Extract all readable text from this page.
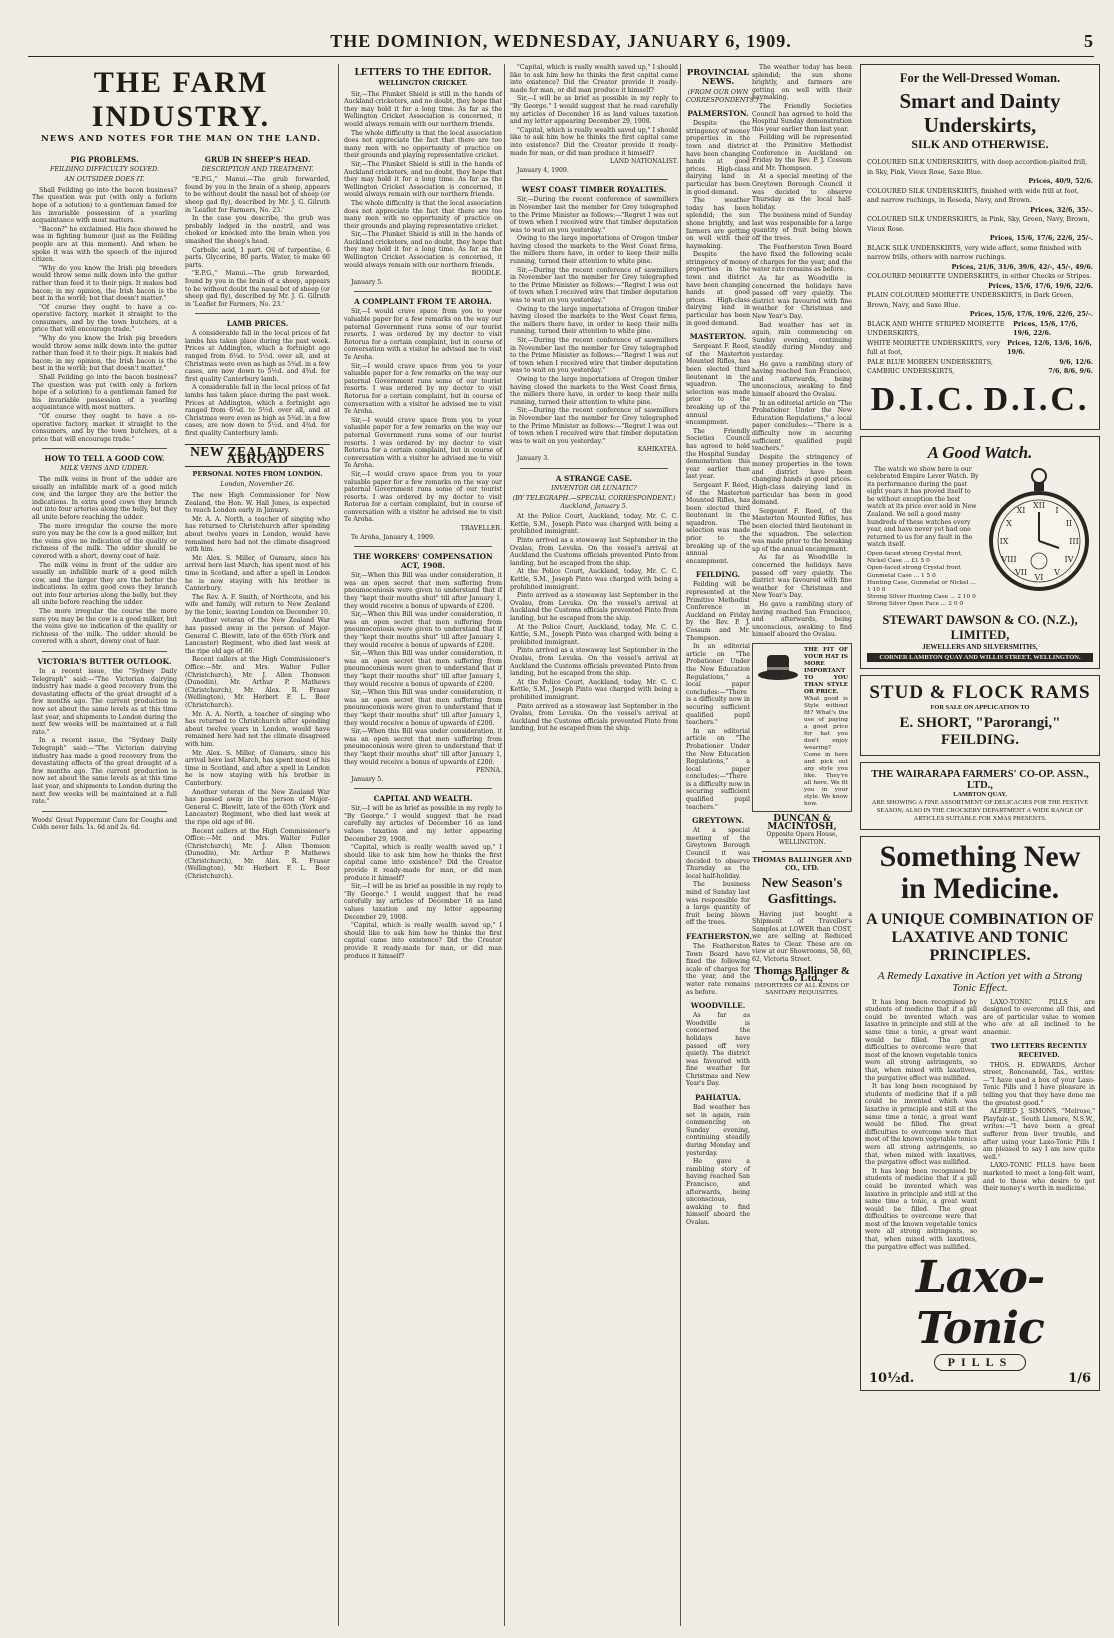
THE DOMINION, WEDNESDAY, JANUARY 6, 1909.	5
THE FARM INDUSTRY.
NEWS AND NOTES FOR THE MAN ON THE LAND.
PIG PROBLEMS.
FEILDING DIFFICULTY SOLVED.
AN OUTSIDER DOES IT.

Shall Feilding go into the bacon business? The question was put (with only a forlorn hope of a solution) to a gentleman famed for his invariable possession of a yearling acquaintance with most matters.

"Bacon?" he exclaimed. His face showed he was in fighting humour (just as the Feilding people are at this moment). And when he spoke it was with the speech of the injured citizen.

"Why do you know the Irish pig breeders would throw some milk down into the gutter rather than feed it to their pigs. It makes bad bacon; in my opinion, the Irish bacon is the best in the world; but that doesn't matter."

"Of course they ought to have a co-operative factory, market it straight to the consumers, and by the town butchers, at a price that will encourage trade."

"Why do you know the Irish pig breeders would throw some milk down into the gutter rather than feed it to their pigs. It makes bad bacon; in my opinion, the Irish bacon is the best in the world; but that doesn't matter."

Shall Feilding go into the bacon business? The question was put (with only a forlorn hope of a solution) to a gentleman famed for his invariable possession of a yearling acquaintance with most matters.

"Of course they ought to have a co-operative factory, market it straight to the consumers, and by the town butchers, at a price that will encourage trade."

HOW TO TELL A GOOD COW.
MILK VEINS AND UDDER.

The milk veins in front of the udder are usually an infallible mark of a good milch cow, and the larger they are the better the indications. In extra good cows they branch out into four arteries along the belly, but they all unite before reaching the udder.

The more irregular the course the more sure you may be the cow is a good milker, but the veins give no indication of the quality or richness of the milk. The udder should be covered with a short, downy coat of hair.

The milk veins in front of the udder are usually an infallible mark of a good milch cow, and the larger they are the better the indications. In extra good cows they branch out into four arteries along the belly, but they all unite before reaching the udder.

The more irregular the course the more sure you may be the cow is a good milker, but the veins give no indication of the quality or richness of the milk. The udder should be covered with a short, downy coat of hair.

VICTORIA'S BUTTER OUTLOOK.

In a recent issue, the "Sydney Daily Telegraph" said:—"The Victorian dairying industry has made a good recovery from the devastating effects of the great drought of a few months ago. The current production is now set about the same levels as at this time last year, and shipments to London during the next few weeks will be maintained at a full rate."

In a recent issue, the "Sydney Daily Telegraph" said:—"The Victorian dairying industry has made a good recovery from the devastating effects of the great drought of a few months ago. The current production is now set about the same levels as at this time last year, and shipments to London during the next few weeks will be maintained at a full rate."

Woods' Great Peppermint Cure for Coughs and Colds never fails. 1s. 6d and 2s. 6d.

GRUB IN SHEEP'S HEAD.
DESCRIPTION AND TREATMENT.

"E.P.G.," Manui.—The grub forwarded, found by you in the brain of a sheep, appears to be without doubt the nasal bot of sheep (or sheep gad fly), described by Mr. J. G. Gilruth in 'Leaflet for Farmers, No. 23.'

In the case you describe, the grub was probably lodged in the nostril, and was choked or knocked into the brain when you smashed the sheep's head.

Carbolic acid, 1 part. Oil of turpentine, 6 parts. Glycerine, 80 parts. Water, to make 60 parts.

"E.P.G.," Manui.—The grub forwarded, found by you in the brain of a sheep, appears to be without doubt the nasal bot of sheep (or sheep gad fly), described by Mr. J. G. Gilruth in 'Leaflet for Farmers, No. 23.'

LAMB PRICES.

A considerable fall in the local prices of fat lambs has taken place during the past week. Prices at Addington, which a fortnight ago ranged from 6¼d. to 5½d. over all, and at Christmas were even as high as 5¾d. in a few cases, are now down to 5½d. and 4¾d. for first quality Canterbury lamb.

A considerable fall in the local prices of fat lambs has taken place during the past week. Prices at Addington, which a fortnight ago ranged from 6¼d. to 5½d. over all, and at Christmas were even as high as 5¾d. in a few cases, are now down to 5½d. and 4¾d. for first quality Canterbury lamb.

NEW ZEALANDERS ABROAD
PERSONAL NOTES FROM LONDON.
London, November 26.

The new High Commissioner for New Zealand, the Hon. W. Hall Jones, is expected to reach London early in January.

Mr. A. A. North, a teacher of singing who has returned to Christchurch after spending about twelve years in London, would have remained here had not the climate disagreed with him.

Mr. Alex. S. Miller, of Oamaru, since his arrival here last March, has spent most of his time in Scotland, and after a spell in London he is now staying with his brother in Canterbury.

The Rev. A. F. Smith, of Northcote, and his wife and family, will return to New Zealand by the Ionic, leaving London on December 10.

Another veteran of the New Zealand War has passed away in the person of Major-General C. Blewitt, late of the 65th (York and Lancaster) Regiment, who died last week at the ripe old age of 86.

Recent callers at the High Commissioner's Office:—Mr. and Mrs. Walter Fuller (Christchurch), Mr. J. Allen Thomson (Dunedin), Mr. Arthur P. Mathews (Christchurch), Mr. Alex. R. Fraser (Wellington), Mr. Herbert F. L. Beer (Christchurch).

Mr. A. A. North, a teacher of singing who has returned to Christchurch after spending about twelve years in London, would have remained here had not the climate disagreed with him.

Mr. Alex. S. Miller, of Oamaru, since his arrival here last March, has spent most of his time in Scotland, and after a spell in London he is now staying with his brother in Canterbury.

Another veteran of the New Zealand War has passed away in the person of Major-General C. Blewitt, late of the 65th (York and Lancaster) Regiment, who died last week at the ripe old age of 86.

Recent callers at the High Commissioner's Office:—Mr. and Mrs. Walter Fuller (Christchurch), Mr. J. Allen Thomson (Dunedin), Mr. Arthur P. Mathews (Christchurch), Mr. Alex. R. Fraser (Wellington), Mr. Herbert F. L. Beer (Christchurch).

LETTERS TO THE EDITOR.
WELLINGTON CRICKET.

Sir,—The Plunket Shield is still in the hands of Auckland cricketers, and no doubt, they hope that they may hold it for a long time. As far as the Wellington Cricket Association is concerned, it would always remain with our northern friends.

The whole difficulty is that the local association does not appreciate the fact that there are too many men with no opportunity of practice on their grounds and playing representative cricket.

Sir,—The Plunket Shield is still in the hands of Auckland cricketers, and no doubt, they hope that they may hold it for a long time. As far as the Wellington Cricket Association is concerned, it would always remain with our northern friends.

The whole difficulty is that the local association does not appreciate the fact that there are too many men with no opportunity of practice on their grounds and playing representative cricket.

Sir,—The Plunket Shield is still in the hands of Auckland cricketers, and no doubt, they hope that they may hold it for a long time. As far as the Wellington Cricket Association is concerned, it would always remain with our northern friends.

BOODLE.

January 5.

A COMPLAINT FROM TE AROHA.

Sir,—I would crave space from you to your valuable paper for a few remarks on the way our paternal Government runs some of our tourist resorts. I was ordered by my doctor to visit Rotorua for a certain complaint, but in course of conversation with a visitor he advised me to visit Te Aroha.

Sir,—I would crave space from you to your valuable paper for a few remarks on the way our paternal Government runs some of our tourist resorts. I was ordered by my doctor to visit Rotorua for a certain complaint, but in course of conversation with a visitor he advised me to visit Te Aroha.

Sir,—I would crave space from you to your valuable paper for a few remarks on the way our paternal Government runs some of our tourist resorts. I was ordered by my doctor to visit Rotorua for a certain complaint, but in course of conversation with a visitor he advised me to visit Te Aroha.

Sir,—I would crave space from you to your valuable paper for a few remarks on the way our paternal Government runs some of our tourist resorts. I was ordered by my doctor to visit Rotorua for a certain complaint, but in course of conversation with a visitor he advised me to visit Te Aroha.

TRAVELLER.

Te Aroha, January 4, 1909.

THE WORKERS' COMPENSATION ACT, 1908.

Sir,—When this Bill was under consideration, it was an open secret that men suffering from pneumoconiosis were given to understand that if they "kept their mouths shut" till after January 1, they would receive a bonus of upwards of £200.

Sir,—When this Bill was under consideration, it was an open secret that men suffering from pneumoconiosis were given to understand that if they "kept their mouths shut" till after January 1, they would receive a bonus of upwards of £200.

Sir,—When this Bill was under consideration, it was an open secret that men suffering from pneumoconiosis were given to understand that if they "kept their mouths shut" till after January 1, they would receive a bonus of upwards of £200.

Sir,—When this Bill was under consideration, it was an open secret that men suffering from pneumoconiosis were given to understand that if they "kept their mouths shut" till after January 1, they would receive a bonus of upwards of £200.

Sir,—When this Bill was under consideration, it was an open secret that men suffering from pneumoconiosis were given to understand that if they "kept their mouths shut" till after January 1, they would receive a bonus of upwards of £200.

PENNA.

January 5.

CAPITAL AND WEALTH.

Sir,—I will be as brief as possible in my reply to "By George." I would suggest that he read carefully my articles of December 16 as land values taxation and my letter appearing December 29, 1908.

"Capital, which is really wealth saved up," I should like to ask him how he thinks the first capital came into existence? Did the Creator provide it ready-made for man, or did man produce it himself?

Sir,—I will be as brief as possible in my reply to "By George." I would suggest that he read carefully my articles of December 16 as land values taxation and my letter appearing December 29, 1908.

"Capital, which is really wealth saved up," I should like to ask him how he thinks the first capital came into existence? Did the Creator provide it ready-made for man, or did man produce it himself?

"Capital, which is really wealth saved up," I should like to ask him how he thinks the first capital came into existence? Did the Creator provide it ready-made for man, or did man produce it himself?

Sir,—I will be as brief as possible in my reply to "By George." I would suggest that he read carefully my articles of December 16 as land values taxation and my letter appearing December 29, 1908.

"Capital, which is really wealth saved up," I should like to ask him how he thinks the first capital came into existence? Did the Creator provide it ready-made for man, or did man produce it himself?

LAND NATIONALIST.

January 4, 1909.

WEST COAST TIMBER ROYALTIES.

Sir,—During the recent conference of sawmillers in November last the member for Grey telegraphed to the Prime Minister as follows:—"Regret I was out of town when I received wire that timber deputation was to wait on you yesterday."

Owing to the large importations of Oregon timber having closed the markets to the West Coast firms, the millers there have, in order to keep their mills running, turned their attention to white pine.

Sir,—During the recent conference of sawmillers in November last the member for Grey telegraphed to the Prime Minister as follows:—"Regret I was out of town when I received wire that timber deputation was to wait on you yesterday."

Owing to the large importations of Oregon timber having closed the markets to the West Coast firms, the millers there have, in order to keep their mills running, turned their attention to white pine.

Sir,—During the recent conference of sawmillers in November last the member for Grey telegraphed to the Prime Minister as follows:—"Regret I was out of town when I received wire that timber deputation was to wait on you yesterday."

Owing to the large importations of Oregon timber having closed the markets to the West Coast firms, the millers there have, in order to keep their mills running, turned their attention to white pine.

Sir,—During the recent conference of sawmillers in November last the member for Grey telegraphed to the Prime Minister as follows:—"Regret I was out of town when I received wire that timber deputation was to wait on you yesterday."

KAHIKATEA.

January 3.

A STRANGE CASE.
INVENTOR OR LUNATIC?
(BY TELEGRAPH.—SPECIAL CORRESPONDENT.) Auckland, January 5.

At the Police Court, Auckland, today, Mr. C. C. Kettle, S.M., Joseph Pinto was charged with being a prohibited immigrant.

Pinto arrived as a stowaway last September in the Ovalau, from Levuka. On the vessel's arrival at Auckland the Customs officials prevented Pinto from landing, but he escaped from the ship.

At the Police Court, Auckland, today, Mr. C. C. Kettle, S.M., Joseph Pinto was charged with being a prohibited immigrant.

Pinto arrived as a stowaway last September in the Ovalau, from Levuka. On the vessel's arrival at Auckland the Customs officials prevented Pinto from landing, but he escaped from the ship.

At the Police Court, Auckland, today, Mr. C. C. Kettle, S.M., Joseph Pinto was charged with being a prohibited immigrant.

Pinto arrived as a stowaway last September in the Ovalau, from Levuka. On the vessel's arrival at Auckland the Customs officials prevented Pinto from landing, but he escaped from the ship.

At the Police Court, Auckland, today, Mr. C. C. Kettle, S.M., Joseph Pinto was charged with being a prohibited immigrant.

Pinto arrived as a stowaway last September in the Ovalau, from Levuka. On the vessel's arrival at Auckland the Customs officials prevented Pinto from landing, but he escaped from the ship.

PROVINCIAL NEWS.
(FROM OUR OWN CORRESPONDENTS.)
PALMERSTON.

Despite the stringency of money properties in the town and district have been changing hands at good prices. High-class dairying land in particular has been in good demand.

The weather today has been splendid; the sun shone brightly, and farmers are getting on well with their haymaking.

Despite the stringency of money properties in the town and district have been changing hands at good prices. High-class dairying land in particular has been in good demand.

MASTERTON.

Sergeant F. Reed, of the Masterton Mounted Rifles, has been elected third lieutenant in the squadron. The selection was made prior to the breaking up of the annual encampment.

The Friendly Societies Council has agreed to hold the Hospital Sunday demonstration this year earlier than last year.

Sergeant F. Reed, of the Masterton Mounted Rifles, has been elected third lieutenant in the squadron. The selection was made prior to the breaking up of the annual encampment.

FEILDING.

Feilding will be represented at the Primitive Methodist Conference in Auckland on Friday by the Rev. P. J. Cossum and Mr. Thompson.

In an editorial article on "The Probationer Under the New Education Regulations," a local paper concludes:—"There is a difficulty now in securing sufficient qualified pupil teachers."

In an editorial article on "The Probationer Under the New Education Regulations," a local paper concludes:—"There is a difficulty now in securing sufficient qualified pupil teachers."

GREYTOWN.

At a special meeting of the Greytown Borough Council it was decided to observe Thursday as the local half-holiday.

The business mind of Sunday last was responsible for a large quantity of fruit being blown off the trees.

FEATHERSTON.

The Featherston Town Board have fixed the following scale of charges for the year, and the water rate remains as before.

WOODVILLE.

As far as Woodville is concerned the holidays have passed off very quietly. The district was favoured with fine weather for Christmas and New Year's Day.

PAHIATUA.

Bad weather has set in again, rain commencing on Sunday evening, continuing steadily during Monday and yesterday.

He gave a rambling story of having reached San Francisco, and afterwards, being unconscious, awaking to find himself aboard the Ovalau.

The weather today has been splendid; the sun shone brightly, and farmers are getting on well with their haymaking.

The Friendly Societies Council has agreed to hold the Hospital Sunday demonstration this year earlier than last year.

Feilding will be represented at the Primitive Methodist Conference in Auckland on Friday by the Rev. P. J. Cossum and Mr. Thompson.

At a special meeting of the Greytown Borough Council it was decided to observe Thursday as the local half-holiday.

The business mind of Sunday last was responsible for a large quantity of fruit being blown off the trees.

The Featherston Town Board have fixed the following scale of charges for the year, and the water rate remains as before.

As far as Woodville is concerned the holidays have passed off very quietly. The district was favoured with fine weather for Christmas and New Year's Day.

Bad weather has set in again, rain commencing on Sunday evening, continuing steadily during Monday and yesterday.

He gave a rambling story of having reached San Francisco, and afterwards, being unconscious, awaking to find himself aboard the Ovalau.

In an editorial article on "The Probationer Under the New Education Regulations," a local paper concludes:—"There is a difficulty now in securing sufficient qualified pupil teachers."

Despite the stringency of money properties in the town and district have been changing hands at good prices. High-class dairying land in particular has been in good demand.

Sergeant F. Reed, of the Masterton Mounted Rifles, has been elected third lieutenant in the squadron. The selection was made prior to the breaking up of the annual encampment.

As far as Woodville is concerned the holidays have passed off very quietly. The district was favoured with fine weather for Christmas and New Year's Day.

He gave a rambling story of having reached San Francisco, and afterwards, being unconscious, awaking to find himself aboard the Ovalau.

THE FIT OF YOUR HAT IS MORE IMPORTANT TO YOU THAN STYLE OR PRICE.
What good is Style without fit? What's the use of paying a good price for hat you don't enjoy wearing? Come in here and pick out any style you like. They're all here. We fit you in your style. We know how.
DUNCAN & MACINTOSH,
Opposite Opera House, WELLINGTON.
THOMAS BALLINGER AND CO., LTD.
New Season's Gasfittings.

Having just bought a Shipment of Traveller's Samples at LOWER than COST, we are selling at Reduced Rates to Clear. These are on view at our Showrooms, 58, 60, 62, Victoria Street.

Thomas Ballinger & Co. Ltd.,
IMPORTERS OF ALL KINDS OF SANITARY REQUISITES.
For the Well-Dressed Woman.
Smart and Dainty Underskirts,
SILK AND OTHERWISE.
COLOURED SILK UNDERSKIRTS, with deep accordion-plaited frill, in Sky, Pink, Vieux Rose, Saxe Blue.
Prices, 40/9, 52/6.
COLOURED SILK UNDERSKIRTS, finished with wide frill at foot, and narrow ruchings, in Reseda, Navy, and Brown.
Prices, 32/6, 35/-.
COLOURED SILK UNDERSKIRTS, in Pink, Sky, Green, Navy, Brown, Vieux Rose.
Prices, 15/6, 17/6, 22/6, 25/-.
BLACK SILK UNDERSKIRTS, very wide affect, some finished with narrow frills, others with narrow ruchings.
Prices, 21/6, 31/6, 39/6, 42/-, 45/-, 49/6.
COLOURED MOIRETTE UNDERSKIRTS, in either Checks or Stripes.
Prices, 15/6, 17/6, 19/6, 22/6.
PLAIN COLOURED MOIRETTE UNDERSKIRTS, in Dark Green, Brown, Navy, and Saxe Blue.
Prices, 15/6, 17/6, 19/6, 22/6, 25/-.
BLACK AND WHITE STRIPED MOIRETTE UNDERSKIRTS,
Prices, 15/6, 17/6, 19/6, 22/6.
WHITE MOIRETTE UNDERSKIRTS, very full at foot,
Prices, 12/6, 13/6, 16/6, 19/6.
PALE BLUE MOREEN UNDERSKIRTS,	9/6, 12/6.
CAMBRIC UNDERSKIRTS,	7/6, 8/6, 9/6.
D.I.C. D.I.C.
A Good Watch.

The watch we show here is our celebrated Empire Lever Watch. By its performance during the past eight years it has proved itself to be without exception the best watch at its price ever sold in New Zealand. We sell a good many hundreds of these watches every year, and have never yet had one returned to us for any fault in the watch itself.

Open-faced strong Crystal front, Nickel Case ... £1 5 0
Open-faced strong Crystal front Gunmetal Case ... 1 5 0
Hunting Case, Gunmetal or Nickel ... 1 10 0
Strong Silver Hunting Case ... 2 10 0
Strong Silver Open Face ... 2 0 0
XII
III
VI
IX
I
II
IV
V
VII
VIII
X
XI
STEWART DAWSON & CO. (N.Z.), LIMITED,
JEWELLERS AND SILVERSMITHS,
CORNER LAMBTON QUAY AND WILLIS STREET, WELLINGTON.
STUD & FLOCK RAMS
FOR SALE ON APPLICATION TO
E. SHORT, "Parorangi,"
FEILDING.
THE WAIRARAPA FARMERS' CO-OP. ASSN., LTD.,
LAMBTON QUAY,
ARE SHOWING A FINE ASSORTMENT OF DELICACIES FOR THE FESTIVE SEASON; ALSO IN THE CROCKERY DEPARTMENT A WIDE RANGE OF ARTICLES SUITABLE FOR XMAS PRESENTS.
Something New
in Medicine.
A UNIQUE COMBINATION OF LAXATIVE AND TONIC PRINCIPLES.
A Remedy Laxative in Action yet with a Strong Tonic Effect.

It has long been recognised by students of medicine that if a pill could be invented which was laxative in principle and still at the same time a tonic, a great want would be filled. The great difficulties to overcome were that most of the known vegetable tonics were all strong astringents, so that, when mixed with laxatives, the purgative effect was nullified.

It has long been recognised by students of medicine that if a pill could be invented which was laxative in principle and still at the same time a tonic, a great want would be filled. The great difficulties to overcome were that most of the known vegetable tonics were all strong astringents, so that, when mixed with laxatives, the purgative effect was nullified.

It has long been recognised by students of medicine that if a pill could be invented which was laxative in principle and still at the same time a tonic, a great want would be filled. The great difficulties to overcome were that most of the known vegetable tonics were all strong astringents, so that, when mixed with laxatives, the purgative effect was nullified.

LAXO-TONIC PILLS are designed to overcome all this, and are of particular value to women who are at all inclined to be anaemic.

TWO LETTERS RECENTLY RECEIVED.

THOS. H. EDWARDS, Archer street, Roncoanold, Tas., writes:—"I have used a box of your Laxo-Tonic Pills and I have pleasure in telling you that they have done me the greatest good."

ALFRED J. SIMONS, "Melrose," Playfair-st., South Lismore, N.S.W., writes:—"I have been a great sufferer from liver trouble, and after using your Laxo-Tonic Pills I am pleased to say I am now quite well."

LAXO-TONIC PILLS have been marketed to meet a long-felt want, and to those who desire to get their money's worth in medicine.

Laxo-Tonic
PILLS
10½d.	1/6
